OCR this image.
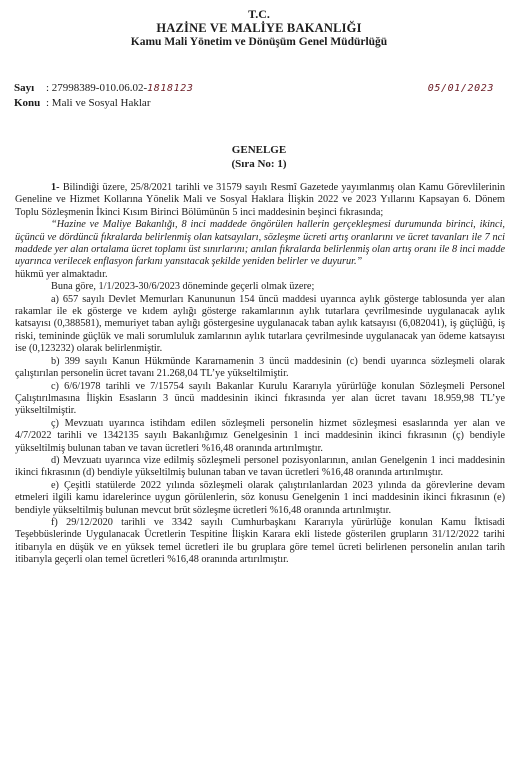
T.C.
HAZİNE VE MALİYE BAKANLIĞI
Kamu Mali Yönetim ve Dönüşüm Genel Müdürlüğü
Sayı : 27998389-010.06.02-1818123	05/01/2023
Konu : Mali ve Sosyal Haklar
GENELGE
(Sıra No: 1)

1- Bilindiği üzere, 25/8/2021 tarihli ve 31579 sayılı Resmî Gazetede yayımlanmış olan Kamu Görevlilerinin Geneline ve Hizmet Kollarına Yönelik Mali ve Sosyal Haklara İlişkin 2022 ve 2023 Yıllarını Kapsayan 6. Dönem Toplu Sözleşmenin İkinci Kısım Birinci Bölümünün 5 inci maddesinin beşinci fıkrasında;

“Hazine ve Maliye Bakanlığı, 8 inci maddede öngörülen hallerin gerçekleşmesi durumunda birinci, ikinci, üçüncü ve dördüncü fıkralarda belirlenmiş olan katsayıları, sözleşme ücreti artış oranlarını ve ücret tavanları ile 7 nci maddede yer alan ortalama ücret toplamı üst sınırlarını; anılan fıkralarda belirlenmiş olan artış oranı ile 8 inci madde uyarınca verilecek enflasyon farkını yansıtacak şekilde yeniden belirler ve duyurur.”

hükmü yer almaktadır.

Buna göre, 1/1/2023-30/6/2023 döneminde geçerli olmak üzere;

a) 657 sayılı Devlet Memurları Kanununun 154 üncü maddesi uyarınca aylık gösterge tablosunda yer alan rakamlar ile ek gösterge ve kıdem aylığı gösterge rakamlarının aylık tutarlara çevrilmesinde uygulanacak aylık katsayısı (0,388581), memuriyet taban aylığı göstergesine uygulanacak taban aylık katsayısı (6,082041), iş güçlüğü, iş riski, temininde güçlük ve mali sorumluluk zamlarının aylık tutarlara çevrilmesinde uygulanacak yan ödeme katsayısı ise (0,123232) olarak belirlenmiştir.

b) 399 sayılı Kanun Hükmünde Kararnamenin 3 üncü maddesinin (c) bendi uyarınca sözleşmeli olarak çalıştırılan personelin ücret tavanı 21.268,04 TL’ye yükseltilmiştir.

c) 6/6/1978 tarihli ve 7/15754 sayılı Bakanlar Kurulu Kararıyla yürürlüğe konulan Sözleşmeli Personel Çalıştırılmasına İlişkin Esasların 3 üncü maddesinin ikinci fıkrasında yer alan ücret tavanı 18.959,98 TL’ye yükseltilmiştir.

ç) Mevzuatı uyarınca istihdam edilen sözleşmeli personelin hizmet sözleşmesi esaslarında yer alan ve 4/7/2022 tarihli ve 1342135 sayılı Bakanlığımız Genelgesinin 1 inci maddesinin ikinci fıkrasının (ç) bendiyle yükseltilmiş bulunan taban ve tavan ücretleri %16,48 oranında artırılmıştır.

d) Mevzuatı uyarınca vize edilmiş sözleşmeli personel pozisyonlarının, anılan Genelgenin 1 inci maddesinin ikinci fıkrasının (d) bendiyle yükseltilmiş bulunan taban ve tavan ücretleri %16,48 oranında artırılmıştır.

e) Çeşitli statülerde 2022 yılında sözleşmeli olarak çalıştırılanlardan 2023 yılında da görevlerine devam etmeleri ilgili kamu idarelerince uygun görülenlerin, söz konusu Genelgenin 1 inci maddesinin ikinci fıkrasının (e) bendiyle yükseltilmiş bulunan mevcut brüt sözleşme ücretleri %16,48 oranında artırılmıştır.

f) 29/12/2020 tarihli ve 3342 sayılı Cumhurbaşkanı Kararıyla yürürlüğe konulan Kamu İktisadi Teşebbüslerinde Uygulanacak Ücretlerin Tespitine İlişkin Karara ekli listede gösterilen grupların 31/12/2022 tarihi itibarıyla en düşük ve en yüksek temel ücretleri ile bu gruplara göre temel ücreti belirlenen personelin anılan tarih itibarıyla geçerli olan temel ücretleri %16,48 oranında artırılmıştır.
